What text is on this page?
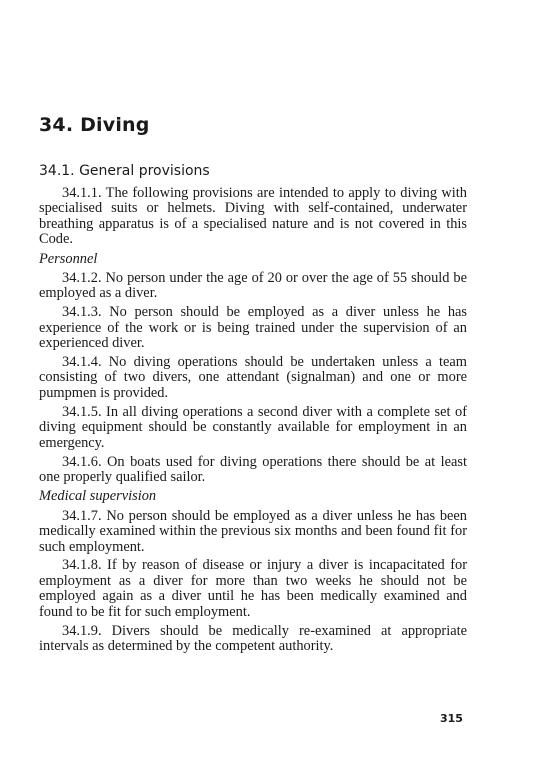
34. Diving
34.1. General provisions

34.1.1. The following provisions are intended to apply to diving with specialised suits or helmets. Diving with self-contained, underwater breathing apparatus is of a specialised nature and is not covered in this Code.

Personnel

34.1.2. No person under the age of 20 or over the age of 55 should be employed as a diver.

34.1.3. No person should be employed as a diver unless he has experience of the work or is being trained under the supervision of an experienced diver.

34.1.4. No diving operations should be undertaken unless a team consisting of two divers, one attendant (signalman) and one or more pumpmen is provided.

34.1.5. In all diving operations a second diver with a complete set of diving equipment should be constantly available for employment in an emergency.

34.1.6. On boats used for diving operations there should be at least one properly qualified sailor.

Medical supervision

34.1.7. No person should be employed as a diver unless he has been medically examined within the previous six months and been found fit for such employment.

34.1.8. If by reason of disease or injury a diver is incapacitated for employment as a diver for more than two weeks he should not be employed again as a diver until he has been medically examined and found to be fit for such employment.

34.1.9. Divers should be medically re-examined at appropriate intervals as determined by the competent authority.

315
